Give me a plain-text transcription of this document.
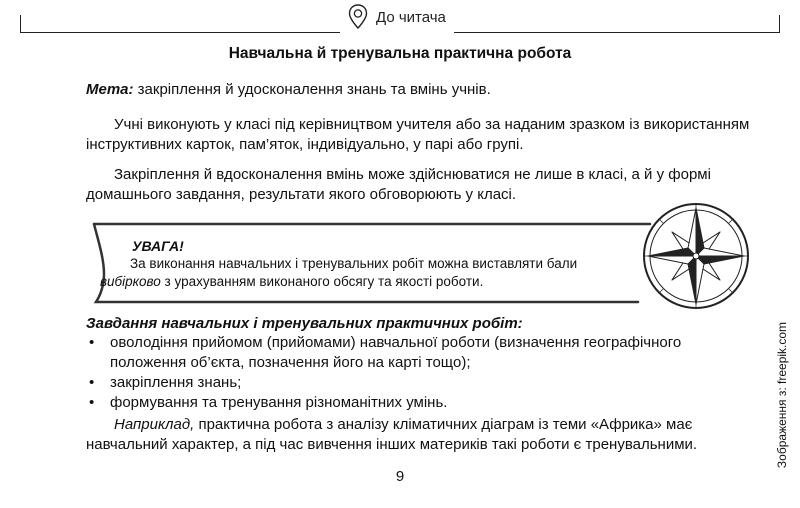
До читача
Навчальна й тренувальна практична робота

Мета: закріплення й удосконалення знань та вмінь учнів.

Учні виконують у класі під керівництвом учителя або за наданим зразком із використанням інструктивних карток, пам’яток, індивідуально, у парі або групі.

Закріплення й вдосконалення вмінь може здійснюватися не лише в класі, а й у формі домашнього завдання, результати якого обговорюють у класі.

УВАГА!

За виконання навчальних і тренувальних робіт можна виставляти бали вибірково з урахуванням виконаного обсягу та якості роботи.

Завдання навчальних і тренувальних практичних робіт:
• оволодіння прийомом (прийомами) навчальної роботи (визначення географічного положення об’єкта, позначення його на карті тощо);
• закріплення знань;
• формування та тренування різноманітних умінь.

Наприклад, практична робота з аналізу кліматичних діаграм із теми «Африка» має навчальний характер, а під час вивчення інших материків такі роботи є тренувальними.

9
Зображення з: freepik.com
